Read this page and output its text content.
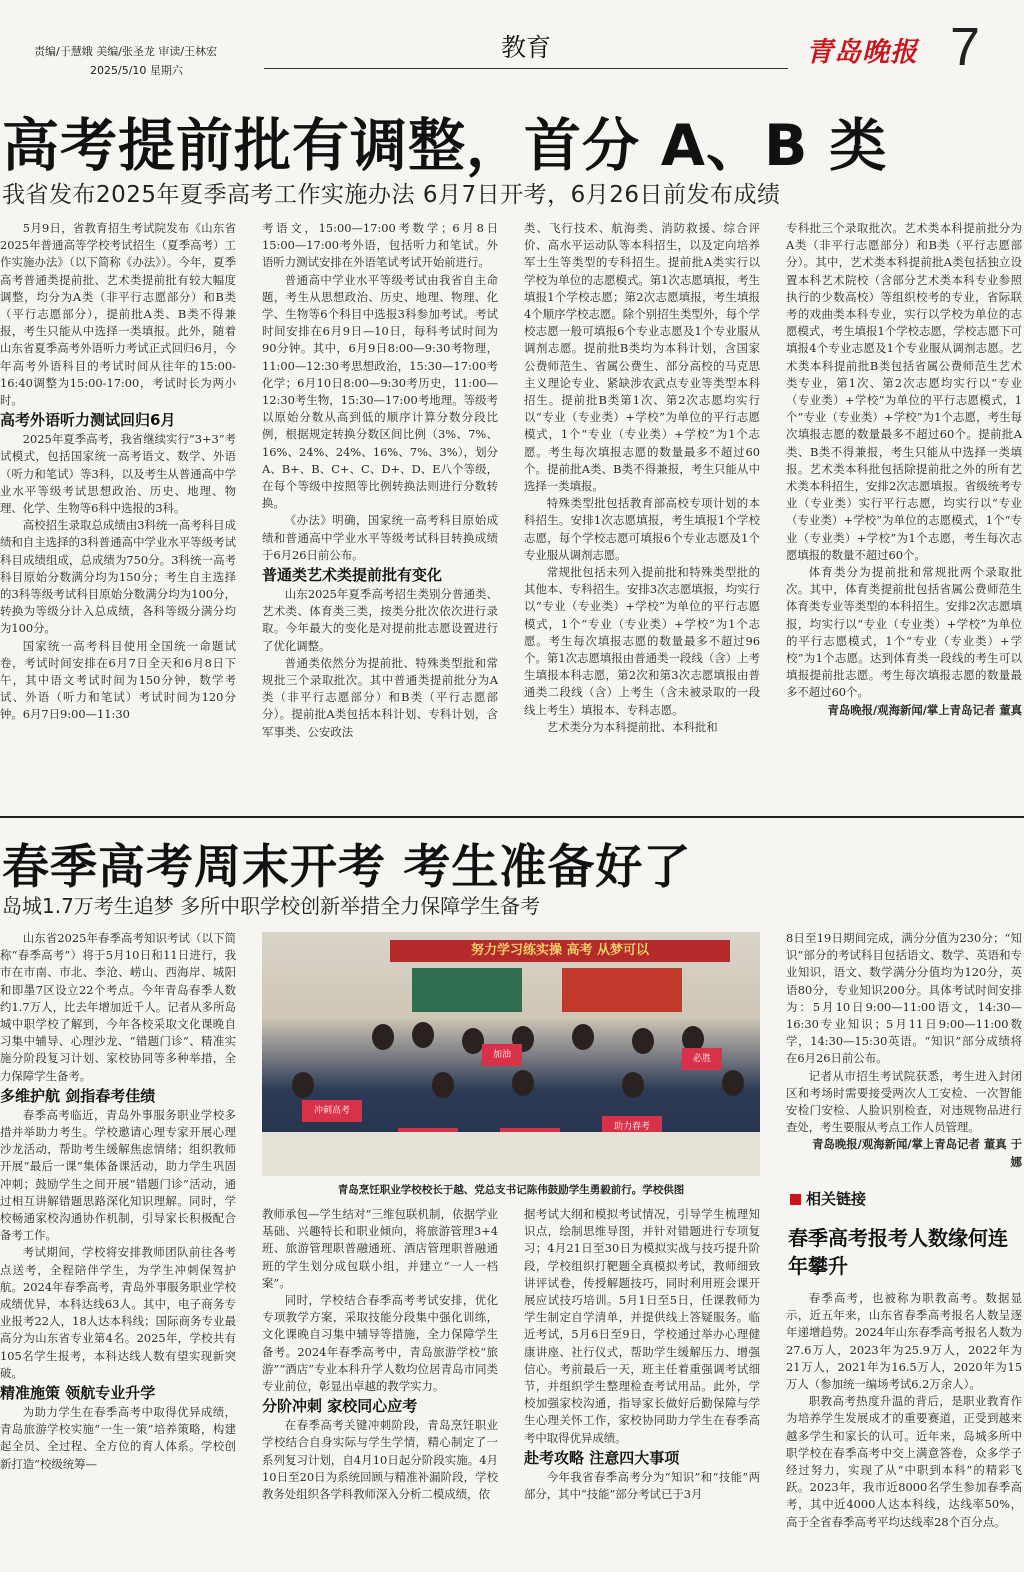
责编/于慧娥 美编/张圣龙 审读/王林宏
2025/5/10 星期六
教育	青岛晚报 7
高考提前批有调整，首分 A、B 类
我省发布2025年夏季高考工作实施办法 6月7日开考，6月26日前发布成绩

5月9日，省教育招生考试院发布《山东省2025年普通高等学校考试招生（夏季高考）工作实施办法》（以下简称《办法》）。今年，夏季高考普通类提前批、艺术类提前批有较大幅度调整，均分为A类（非平行志愿部分）和B类（平行志愿部分），提前批A类、B类不得兼报，考生只能从中选择一类填报。此外，随着山东省夏季高考外语听力考试正式回归6月，今年高考外语科目的考试时间从往年的15:00-16:40调整为15:00-17:00，考试时长为两小时。

高考外语听力测试回归6月

2025年夏季高考，我省继续实行“3+3”考试模式，包括国家统一高考语文、数学、外语（听力和笔试）等3科，以及考生从普通高中学业水平等级考试思想政治、历史、地理、物理、化学、生物等6科中选报的3科。

高校招生录取总成绩由3科统一高考科目成绩和自主选择的3科普通高中学业水平等级考试科目成绩组成，总成绩为750分。3科统一高考科目原始分数满分均为150分；考生自主选择的3科等级考试科目原始分数满分均为100分，转换为等级分计入总成绩，各科等级分满分均为100分。

国家统一高考科目使用全国统一命题试卷，考试时间安排在6月7日全天和6月8日下午，其中语文考试时间为150分钟，数学考试、外语（听力和笔试）考试时间为120分钟。6月7日9:00—11:30

考语文，15:00—17:00考数学；6月8日15:00—17:00考外语，包括听力和笔试。外语听力测试安排在外语笔试考试开始前进行。

普通高中学业水平等级考试由我省自主命题，考生从思想政治、历史、地理、物理、化学、生物等6个科目中选报3科参加考试。考试时间安排在6月9日—10日，每科考试时间为90分钟。其中，6月9日8:00—9:30考物理，11:00—12:30考思想政治，15:30—17:00考化学；6月10日8:00—9:30考历史，11:00—12:30考生物，15:30—17:00考地理。等级考以原始分数从高到低的顺序计算分数分段比例，根据规定转换分数区间比例（3%、7%、16%、24%、24%、16%、7%、3%），划分A、B+、B、C+、C、D+、D、E八个等级，在每个等级中按照等比例转换法则进行分数转换。

《办法》明确，国家统一高考科目原始成绩和普通高中学业水平等级考试科目转换成绩于6月26日前公布。

普通类艺术类提前批有变化

山东2025年夏季高考招生类别分普通类、艺术类、体育类三类，按类分批次依次进行录取。今年最大的变化是对提前批志愿设置进行了优化调整。

普通类依然分为提前批、特殊类型批和常规批三个录取批次。其中普通类提前批分为A类（非平行志愿部分）和B类（平行志愿部分）。提前批A类包括本科计划、专科计划，含军事类、公安政法

类、飞行技术、航海类、消防救援、综合评价、高水平运动队等本科招生，以及定向培养军士生等类型的专科招生。提前批A类实行以学校为单位的志愿模式。第1次志愿填报，考生填报1个学校志愿；第2次志愿填报，考生填报4个顺序学校志愿。除个别招生类型外，每个学校志愿一般可填报6个专业志愿及1个专业服从调剂志愿。提前批B类均为本科计划，含国家公费师范生、省属公费生、部分高校的马克思主义理论专业、紧缺涉农武点专业等类型本科招生。提前批B类第1次、第2次志愿均实行以“专业（专业类）+学校”为单位的平行志愿模式，1个“专业（专业类）+学校”为1个志愿。考生每次填报志愿的数量最多不超过60个。提前批A类、B类不得兼报，考生只能从中选择一类填报。

特殊类型批包括教育部高校专项计划的本科招生。安排1次志愿填报，考生填报1个学校志愿，每个学校志愿可填报6个专业志愿及1个专业服从调剂志愿。

常规批包括未列入提前批和特殊类型批的其他本、专科招生。安排3次志愿填报，均实行以“专业（专业类）+学校”为单位的平行志愿模式，1个“专业（专业类）+学校”为1个志愿。考生每次填报志愿的数量最多不超过96个。第1次志愿填报由普通类一段线（含）上考生填报本科志愿，第2次和第3次志愿填报由普通类二段线（含）上考生（含未被录取的一段线上考生）填报本、专科志愿。

艺术类分为本科提前批、本科批和

专科批三个录取批次。艺术类本科提前批分为A类（非平行志愿部分）和B类（平行志愿部分）。其中，艺术类本科提前批A类包括独立设置本科艺术院校（含部分艺术类本科专业参照执行的少数高校）等组织校考的专业，省际联考的戏曲类本科专业，实行以学校为单位的志愿模式，考生填报1个学校志愿，学校志愿下可填报4个专业志愿及1个专业服从调剂志愿。艺术类本科提前批B类包括省属公费师范生艺术类专业，第1次、第2次志愿均实行以“专业（专业类）+学校”为单位的平行志愿模式，1个“专业（专业类）+学校”为1个志愿，考生每次填报志愿的数量最多不超过60个。提前批A类、B类不得兼报，考生只能从中选择一类填报。艺术类本科批包括除提前批之外的所有艺术类本科招生，安排2次志愿填报。省级统考专业（专业类）实行平行志愿，均实行以“专业（专业类）+学校”为单位的志愿模式，1个“专业（专业类）+学校”为1个志愿，考生每次志愿填报的数量不超过60个。

体育类分为提前批和常规批两个录取批次。其中，体育类提前批包括省属公费师范生体育类专业等类型的本科招生。安排2次志愿填报，均实行以“专业（专业类）+学校”为单位的平行志愿模式，1个“专业（专业类）+学校”为1个志愿。达到体育类一段线的考生可以填报提前批志愿。考生每次填报志愿的数量最多不超过60个。

青岛晚报/观海新闻/掌上青岛记者 董真

春季高考周末开考 考生准备好了
岛城1.7万考生追梦 多所中职学校创新举措全力保障学生备考

山东省2025年春季高考知识考试（以下简称“春季高考”）将于5月10日和11日进行，我市在市南、市北、李沧、崂山、西海岸、城阳和即墨7区设立22个考点。今年青岛春季人数约1.7万人，比去年增加近千人。记者从多所岛城中职学校了解到，今年各校采取文化课晚自习集中辅导、心理沙龙、“错题门诊”、精准实施分阶段复习计划、家校协同等多种举措，全力保障学生备考。

多维护航 剑指春考佳绩

春季高考临近，青岛外事服务职业学校多措并举助力考生。学校邀请心理专家开展心理沙龙活动，帮助考生缓解焦虑情绪；组织教师开展“最后一课”集体备课活动，助力学生巩固冲刺；鼓励学生之间开展“错题门诊”活动，通过相互讲解错题思路深化知识理解。同时，学校畅通家校沟通协作机制，引导家长积极配合备考工作。

考试期间，学校将安排教师团队前往各考点送考，全程陪伴学生，为学生冲刺保驾护航。2024年春季高考，青岛外事服务职业学校成绩优异，本科达线63人。其中，电子商务专业报考22人，18人达本科线；国际商务专业最高分为山东省专业第4名。2025年，学校共有105名学生报考，本科达线人数有望实现新突破。

精准施策 领航专业升学

为助力学生在春季高考中取得优异成绩，青岛旅游学校实施“一生一策”培养策略，构建起全员、全过程、全方位的育人体系。学校创新打造“校级统筹—

努力学习练实操 高考 从梦可以
助力春考
冲刺高考
加油	必胜
青岛烹饪职业学校校长于越、党总支书记陈伟鼓励学生勇毅前行。学校供图

教师承包—学生结对”三维包联机制，依据学业基础、兴趣特长和职业倾向，将旅游管理3+4班、旅游管理职普融通班、酒店管理职普融通班的学生划分成包联小组，并建立“一人一档案”。

同时，学校结合春季高考考试安排，优化专项教学方案，采取技能分段集中强化训练，文化课晚自习集中辅导等措施，全力保障学生备考。2024年春季高考中，青岛旅游学校“旅游”“酒店”专业本科升学人数均位居青岛市同类专业前位，彰显出卓越的教学实力。

分阶冲刺 家校同心应考

在春季高考关键冲刺阶段，青岛烹饪职业学校结合自身实际与学生学情，精心制定了一系列复习计划，自4月10日起分阶段实施。4月10日至20日为系统回顾与精准补漏阶段，学校教务处组织各学科教师深入分析二模成绩，依

据考试大纲和模拟考试情况，引导学生梳理知识点，绘制思维导图，并针对错题进行专项复习；4月21日至30日为模拟实战与技巧提升阶段，学校组织打靶题全真模拟考试，教师细致讲评试卷，传授解题技巧，同时利用班会课开展应试技巧培训。5月1日至5日，任课教师为学生制定自学清单，并提供线上答疑服务。临近考试，5月6日至9日，学校通过举办心理健康讲座、社行仪式，帮助学生缓解压力、增强信心。考前最后一天，班主任着重强调考试细节，并组织学生整理检查考试用品。此外，学校加强家校沟通，指导家长做好后勤保障与学生心理关怀工作，家校协同助力学生在春季高考中取得优异成绩。

赴考攻略 注意四大事项

今年我省春季高考分为“知识”和“技能”两部分，其中“技能”部分考试已于3月

8日至19日期间完成，满分分值为230分；“知识”部分的考试科目包括语文、数学、英语和专业知识，语文、数学满分分值均为120分，英语80分，专业知识200分。具体考试时间安排为：5月10日9:00—11:00语文，14:30—16:30专业知识；5月11日9:00—11:00数学，14:30—15:30英语。“知识”部分成绩将在6月26日前公布。

记者从市招生考试院获悉，考生进入封闭区和考场时需要接受两次人工安检、一次智能安检门安检、人脸识别检查，对违规物品进行查处，考生要服从考点工作人员管理。

青岛晚报/观海新闻/掌上青岛记者 董真 于娜

相关链接
春季高考报考人数缘何连年攀升

春季高考，也被称为职教高考。数据显示，近五年来，山东省春季高考报名人数呈逐年递增趋势。2024年山东春季高考报名人数为27.6万人，2023年为25.9万人，2022年为21万人，2021年为16.5万人，2020年为15万人（参加统一编场考试6.2万余人）。

职教高考热度升温的背后，是职业教育作为培养学生发展成才的重要赛道，正受到越来越多学生和家长的认可。近年来，岛城多所中职学校在春季高考中交上满意答卷，众多学子经过努力，实现了从“中职到本科”的精彩飞跃。2023年，我市近8000名学生参加春季高考，其中近4000人达本科线，达线率50%，高于全省春季高考平均达线率28个百分点。
